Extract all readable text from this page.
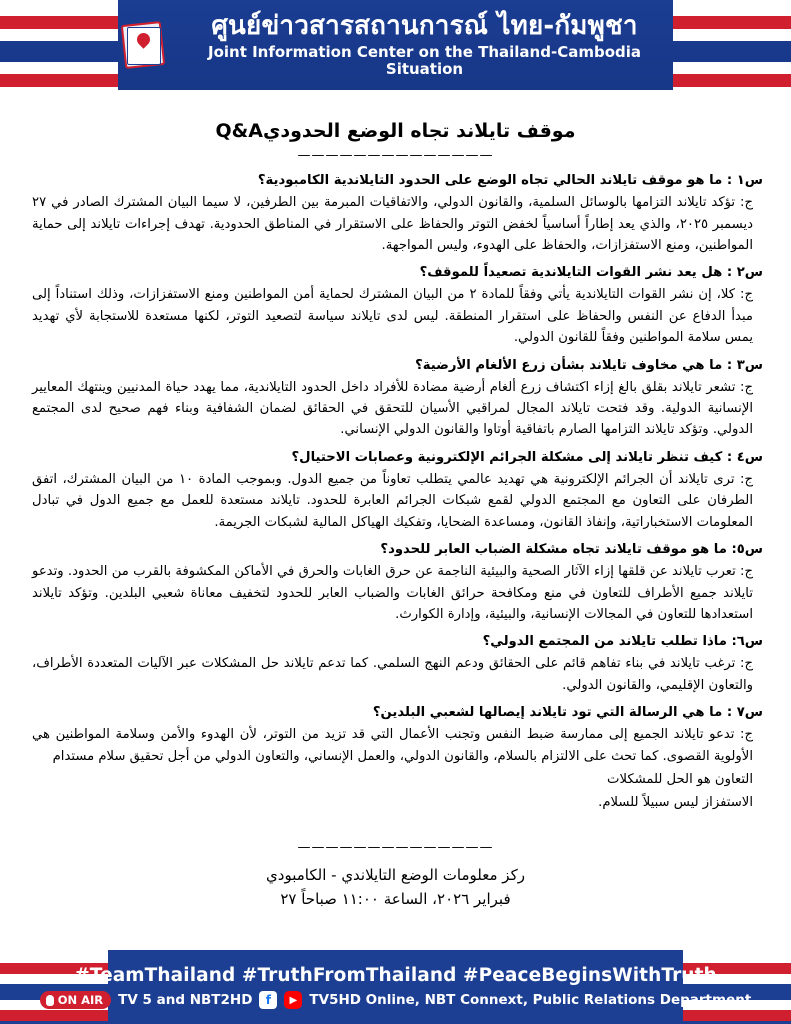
ศูนย์ข่าวสารสถานการณ์ ไทย-กัมพูชา
Joint Information Center on the Thailand-Cambodia Situation
موقف تايلاند تجاه الوضع الحدوديQ&A
——————————————

س١ : ما هو موقف تايلاند الحالي تجاه الوضع على الحدود التايلاندية الكامبودية؟

ج: تؤكد تايلاند التزامها بالوسائل السلمية، والقانون الدولي، والاتفاقيات المبرمة بين الطرفين، لا سيما البيان المشترك الصادر في ٢٧ ديسمبر ٢٠٢٥، والذي يعد إطاراً أساسياً لخفض التوتر والحفاظ على الاستقرار في المناطق الحدودية. تهدف إجراءات تايلاند إلى حماية المواطنين، ومنع الاستفزازات، والحفاظ على الهدوء، وليس المواجهة.

س٢ : هل يعد نشر القوات التايلاندية تصعيداً للموقف؟

ج: كلا، إن نشر القوات التايلاندية يأتي وفقاً للمادة ٢ من البيان المشترك لحماية أمن المواطنين ومنع الاستفزازات، وذلك استناداً إلى مبدأ الدفاع عن النفس والحفاظ على استقرار المنطقة. ليس لدى تايلاند سياسة لتصعيد التوتر، لكنها مستعدة للاستجابة لأي تهديد يمس سلامة المواطنين وفقاً للقانون الدولي.

س٣ : ما هي مخاوف تايلاند بشأن زرع الألغام الأرضية؟

ج: تشعر تايلاند بقلق بالغ إزاء اكتشاف زرع ألغام أرضية مضادة للأفراد داخل الحدود التايلاندية، مما يهدد حياة المدنيين وينتهك المعايير الإنسانية الدولية. وقد فتحت تايلاند المجال لمراقبي الأسيان للتحقق في الحقائق لضمان الشفافية وبناء فهم صحيح لدى المجتمع الدولي. وتؤكد تايلاند التزامها الصارم باتفاقية أوتاوا والقانون الدولي الإنساني.

س٤ : كيف تنظر تايلاند إلى مشكلة الجرائم الإلكترونية وعصابات الاحتيال؟

ج: ترى تايلاند أن الجرائم الإلكترونية هي تهديد عالمي يتطلب تعاوناً من جميع الدول. وبموجب المادة ١٠ من البيان المشترك، اتفق الطرفان على التعاون مع المجتمع الدولي لقمع شبكات الجرائم العابرة للحدود. تايلاند مستعدة للعمل مع جميع الدول في تبادل المعلومات الاستخباراتية، وإنفاذ القانون، ومساعدة الضحايا، وتفكيك الهياكل المالية لشبكات الجريمة.

س٥: ما هو موقف تايلاند تجاه مشكلة الضباب العابر للحدود؟

ج: تعرب تايلاند عن قلقها إزاء الآثار الصحية والبيئية الناجمة عن حرق الغابات والحرق في الأماكن المكشوفة بالقرب من الحدود. وتدعو تايلاند جميع الأطراف للتعاون في منع ومكافحة حرائق الغابات والضباب العابر للحدود لتخفيف معاناة شعبي البلدين. وتؤكد تايلاند استعدادها للتعاون في المجالات الإنسانية، والبيئية، وإدارة الكوارث.

س٦: ماذا تطلب تايلاند من المجتمع الدولي؟

ج: ترغب تايلاند في بناء تفاهم قائم على الحقائق ودعم النهج السلمي. كما تدعم تايلاند حل المشكلات عبر الآليات المتعددة الأطراف، والتعاون الإقليمي، والقانون الدولي.

س٧ : ما هي الرسالة التي تود تايلاند إيصالها لشعبي البلدين؟

ج: تدعو تايلاند الجميع إلى ممارسة ضبط النفس وتجنب الأعمال التي قد تزيد من التوتر، لأن الهدوء والأمن وسلامة المواطنين هي الأولوية القصوى. كما تحث على الالتزام بالسلام، والقانون الدولي، والعمل الإنساني، والتعاون الدولي من أجل تحقيق سلام مستدام

التعاون هو الحل للمشكلات

الاستفزاز ليس سبيلاً للسلام.

——————————————
ركز معلومات الوضع التايلاندي - الكامبودي
فبراير ٢٠٢٦، الساعة ١١:٠٠ صباحاً ٢٧
#TeamThailand #TruthFromThailand #PeaceBeginsWithTruth
ON AIR TV 5 and NBT2HD	f	▶ TV5HD Online, NBT Connext, Public Relations Department
